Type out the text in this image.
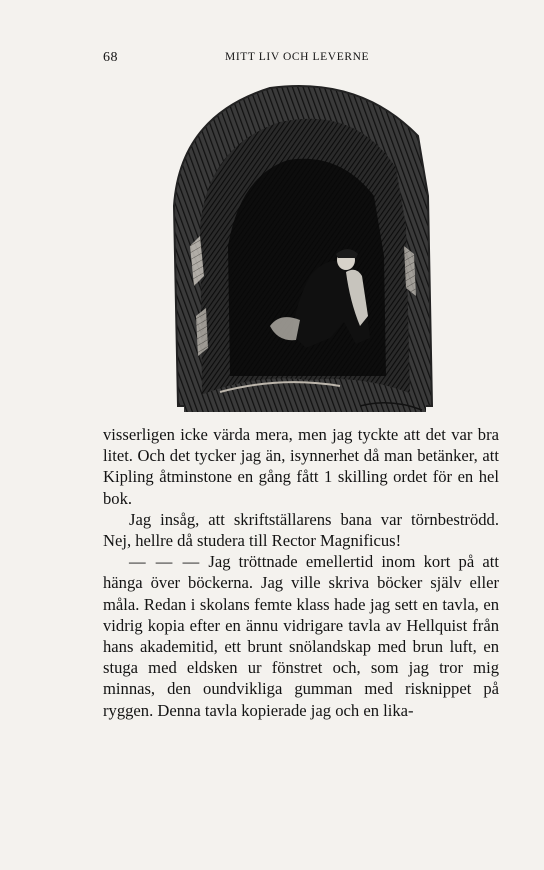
68	MITT LIV OCH LEVERNE

visserligen icke värda mera, men jag tyckte att det var bra litet. Och det tycker jag än, isynnerhet då man betänker, att Kipling åtminstone en gång fått 1 skilling ordet för en hel bok.

Jag insåg, att skriftställarens bana var törnbeströdd. Nej, hellre då studera till Rector Magnificus!

— — — Jag tröttnade emellertid inom kort på att hänga över böckerna. Jag ville skriva böcker själv eller måla. Redan i skolans femte klass hade jag sett en tavla, en vidrig kopia efter en ännu vidrigare tavla av Hellquist från hans akademitid, ett brunt snölandskap med brun luft, en stuga med eldsken ur fönstret och, som jag tror mig minnas, den oundvikliga gumman med risknippet på ryggen. Denna tavla kopierade jag och en lika-
